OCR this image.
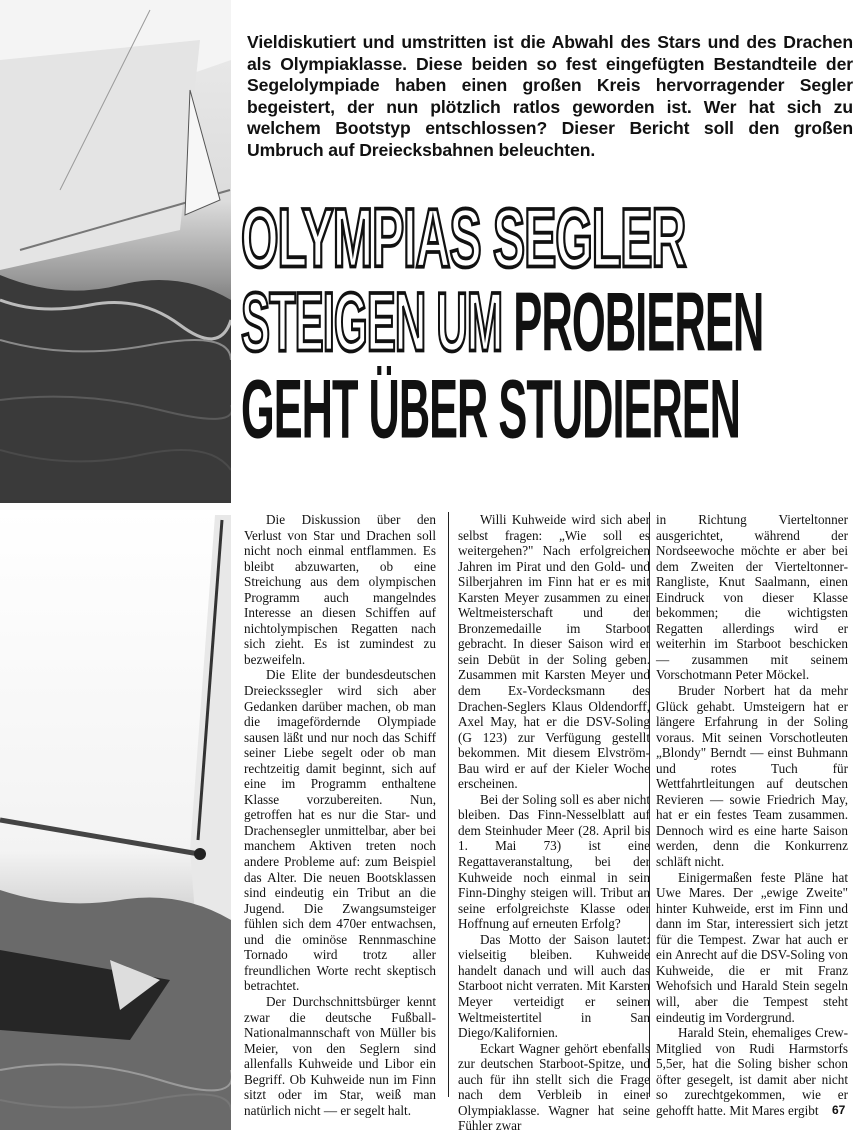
Vieldiskutiert und umstritten ist die Abwahl des Stars und des Drachen als Olympiaklasse. Diese beiden so fest eingefügten Bestandteile der Segelolympiade haben einen großen Kreis hervorragender Segler begeistert, der nun plötzlich ratlos geworden ist. Wer hat sich zu welchem Bootstyp entschlossen? Dieser Bericht soll den großen Umbruch auf Dreiecksbahnen beleuchten.
OLYMPIAS SEGLER
STEIGEN UM PROBIEREN
GEHT ÜBER STUDIEREN

Die Diskussion über den Verlust von Star und Drachen soll nicht noch einmal entflammen. Es bleibt abzuwarten, ob eine Streichung aus dem olympischen Programm auch mangelndes Interesse an diesen Schiffen auf nichtolympischen Regatten nach sich zieht. Es ist zumindest zu bezweifeln.

Die Elite der bundesdeutschen Dreieckssegler wird sich aber Gedanken darüber machen, ob man die imagefördernde Olympiade sausen läßt und nur noch das Schiff seiner Liebe segelt oder ob man rechtzeitig damit beginnt, sich auf eine im Programm enthaltene Klasse vorzubereiten. Nun, getroffen hat es nur die Star- und Drachensegler unmittelbar, aber bei manchem Aktiven treten noch andere Probleme auf: zum Beispiel das Alter. Die neuen Bootsklassen sind eindeutig ein Tribut an die Jugend. Die Zwangsumsteiger fühlen sich dem 470er entwachsen, und die ominöse Rennmaschine Tornado wird trotz aller freundlichen Worte recht skeptisch betrachtet.

Der Durchschnittsbürger kennt zwar die deutsche Fußball-Nationalmannschaft von Müller bis Meier, von den Seglern sind allenfalls Kuhweide und Libor ein Begriff. Ob Kuhweide nun im Finn sitzt oder im Star, weiß man natürlich nicht — er segelt halt.

Willi Kuhweide wird sich aber selbst fragen: „Wie soll es weitergehen?" Nach erfolgreichen Jahren im Pirat und den Gold- und Silberjahren im Finn hat er es mit Karsten Meyer zusammen zu einer Weltmeisterschaft und der Bronzemedaille im Starboot gebracht. In dieser Saison wird er sein Debüt in der Soling geben. Zusammen mit Karsten Meyer und dem Ex-Vordecksmann des Drachen-Seglers Klaus Oldendorff, Axel May, hat er die DSV-Soling (G 123) zur Verfügung gestellt bekommen. Mit diesem Elvström-Bau wird er auf der Kieler Woche erscheinen.

Bei der Soling soll es aber nicht bleiben. Das Finn-Nesselblatt auf dem Steinhuder Meer (28. April bis 1. Mai 73) ist eine Regattaveranstaltung, bei der Kuhweide noch einmal in sein Finn-Dinghy steigen will. Tribut an seine erfolgreichste Klasse oder Hoffnung auf erneuten Erfolg?

Das Motto der Saison lautet: vielseitig bleiben. Kuhweide handelt danach und will auch das Starboot nicht verraten. Mit Karsten Meyer verteidigt er seinen Weltmeistertitel in San Diego/Kalifornien.

Eckart Wagner gehört ebenfalls zur deutschen Starboot-Spitze, und auch für ihn stellt sich die Frage nach dem Verbleib in einer Olympiaklasse. Wagner hat seine Fühler zwar

in Richtung Vierteltonner ausgerichtet, während der Nordseewoche möchte er aber bei dem Zweiten der Vierteltonner-Rangliste, Knut Saalmann, einen Eindruck von dieser Klasse bekommen; die wichtigsten Regatten allerdings wird er weiterhin im Starboot beschicken — zusammen mit seinem Vorschotmann Peter Möckel.

Bruder Norbert hat da mehr Glück gehabt. Umsteigern hat er längere Erfahrung in der Soling voraus. Mit seinen Vorschotleuten „Blondy" Berndt — einst Buhmann und rotes Tuch für Wettfahrtleitungen auf deutschen Revieren — sowie Friedrich May, hat er ein festes Team zusammen. Dennoch wird es eine harte Saison werden, denn die Konkurrenz schläft nicht.

Einigermaßen feste Pläne hat Uwe Mares. Der „ewige Zweite" hinter Kuhweide, erst im Finn und dann im Star, interessiert sich jetzt für die Tempest. Zwar hat auch er ein Anrecht auf die DSV-Soling von Kuhweide, die er mit Franz Wehofsich und Harald Stein segeln will, aber die Tempest steht eindeutig im Vordergrund.

Harald Stein, ehemaliges Crew-Mitglied von Rudi Harmstorfs 5,5er, hat die Soling bisher schon öfter gesegelt, ist damit aber nicht so zurechtgekommen, wie er gehofft hatte. Mit Mares ergibt	67
